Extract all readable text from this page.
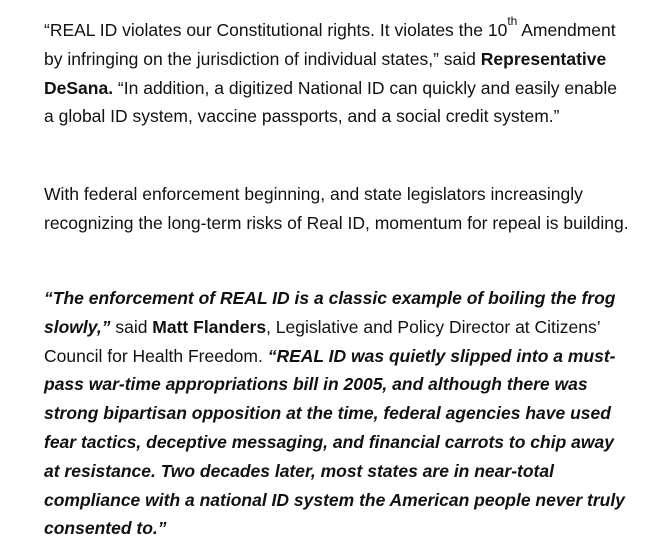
“REAL ID violates our Constitutional rights. It violates the 10th Amendment by infringing on the jurisdiction of individual states,” said Representative DeSana. “In addition, a digitized National ID can quickly and easily enable a global ID system, vaccine passports, and a social credit system.”

With federal enforcement beginning, and state legislators increasingly recognizing the long-term risks of Real ID, momentum for repeal is building.

“The enforcement of REAL ID is a classic example of boiling the frog slowly,” said Matt Flanders, Legislative and Policy Director at Citizens’ Council for Health Freedom. “REAL ID was quietly slipped into a must-pass war-time appropriations bill in 2005, and although there was strong bipartisan opposition at the time, federal agencies have used fear tactics, deceptive messaging, and financial carrots to chip away at resistance. Two decades later, most states are in near-total compliance with a national ID system the American people never truly consented to.”
